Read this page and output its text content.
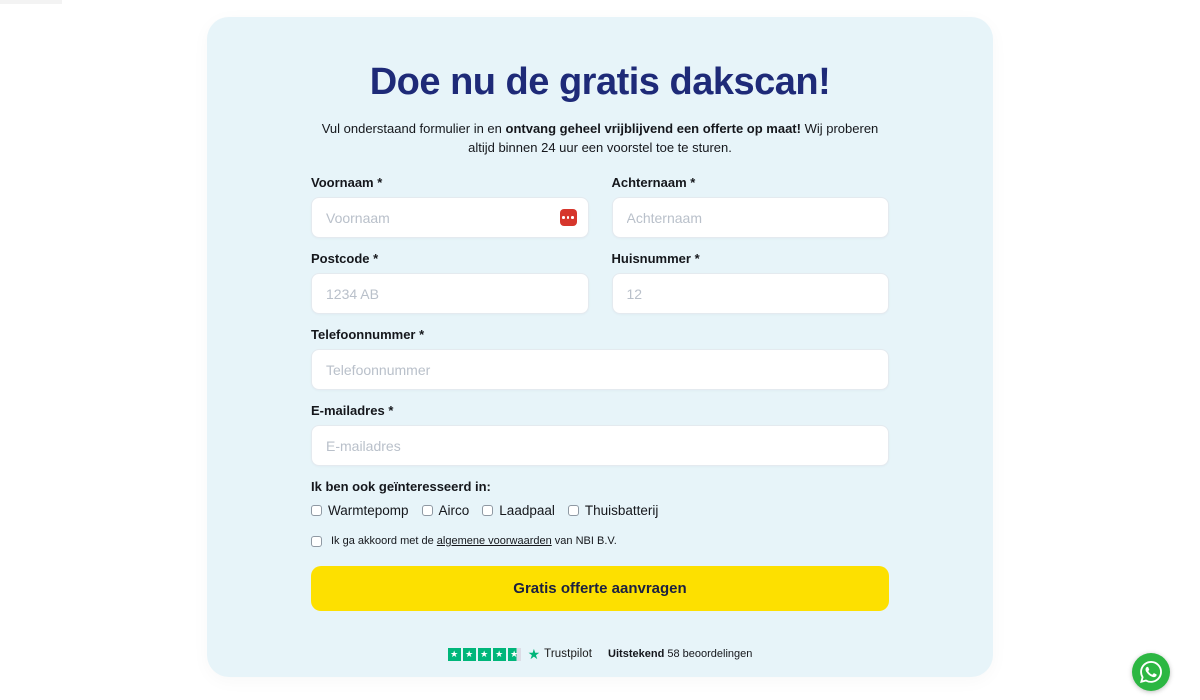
Doe nu de gratis dakscan!

Vul onderstaand formulier in en ontvang geheel vrijblijvend een offerte op maat! Wij proberen altijd binnen 24 uur een voorstel toe te sturen.

Voornaam *
Voornaam	Achternaam *
Achternaam
Postcode *
1234 AB	Huisnummer *
12
Telefoonnummer *
Telefoonnummer
E-mailadres *
E-mailadres

Ik ben ook geïnteresseerd in:

Warmtepomp Airco Laadpaal Thuisbatterij
Ik ga akkoord met de algemene voorwaarden van NBI B.V.
Gratis offerte aanvragen
★ ★ ★ ★ ★ ★ Trustpilot Uitstekend 58 beoordelingen
